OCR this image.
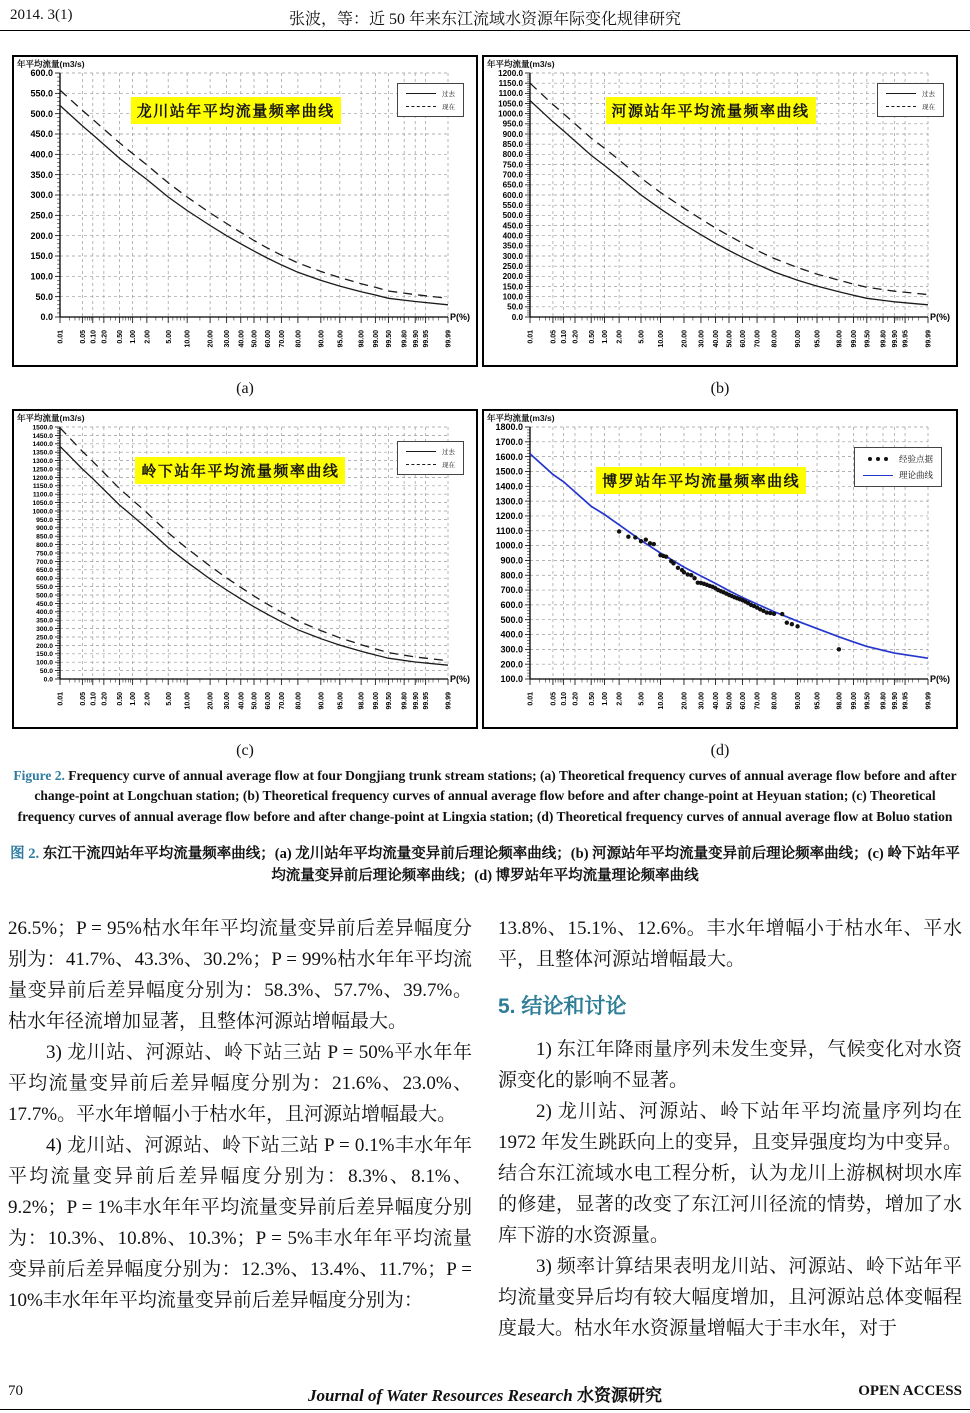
2014. 3(1)	张波，等：近 50 年来东江流域水资源年际变化规律研究
0.0
50.0
100.0
150.0
200.0
250.0
300.0
350.0
400.0
450.0
500.0
550.0
600.0
0.01 0.05 0.10 0.20 0.50 1.00 2.00 5.00 10.00 20.00 30.00 40.00 50.00 60.00 70.00 80.00 90.00 95.00 98.00 99.00 99.50 99.80 99.90 99.95 99.99
P(%)
年平均流量(m3/s)
龙川站年平均流量频率曲线
过去
现在
(a)
0.0
50.0
100.0
150.0
200.0
250.0
300.0
350.0
400.0
450.0
500.0
550.0
600.0
650.0
700.0
750.0
800.0
850.0
900.0
950.0
1000.0
1050.0
1100.0
1150.0
1200.0
0.01 0.05 0.10 0.20 0.50 1.00 2.00 5.00 10.00 20.00 30.00 40.00 50.00 60.00 70.00 80.00 90.00 95.00 98.00 99.00 99.50 99.80 99.90 99.95 99.99
P(%)
年平均流量(m3/s)
河源站年平均流量频率曲线
过去
现在
(b)
0.0
50.0
100.0
150.0
200.0
250.0
300.0
350.0
400.0
450.0
500.0
550.0
600.0
650.0
700.0
750.0
800.0
850.0
900.0
950.0
1000.0
1050.0
1100.0
1150.0
1200.0
1250.0
1300.0
1350.0
1400.0
1450.0
1500.0
0.01 0.05 0.10 0.20 0.50 1.00 2.00 5.00 10.00 20.00 30.00 40.00 50.00 60.00 70.00 80.00 90.00 95.00 98.00 99.00 99.50 99.80 99.90 99.95 99.99
P(%)
年平均流量(m3/s)
岭下站年平均流量频率曲线
过去
现在
(c)
100.0
200.0
300.0
400.0
500.0
600.0
700.0
800.0
900.0
1000.0
1100.0
1200.0
1300.0
1400.0
1500.0
1600.0
1700.0
1800.0
0.01 0.05 0.10 0.20 0.50 1.00 2.00 5.00 10.00 20.00 30.00 40.00 50.00 60.00 70.00 80.00 90.00 95.00 98.00 99.00 99.50 99.80 99.90 99.95 99.99
P(%)
年平均流量(m3/s)
博罗站年平均流量频率曲线
经验点据
理论曲线
(d)
Figure 2. Frequency curve of annual average flow at four Dongjiang trunk stream stations; (a) Theoretical frequency curves of annual average flow before and after change-point at Longchuan station; (b) Theoretical frequency curves of annual average flow before and after change-point at Heyuan station; (c) Theoretical frequency curves of annual average flow before and after change-point at Lingxia station; (d) Theoretical frequency curves of annual average flow at Boluo station
图 2. 东江干流四站年平均流量频率曲线；(a) 龙川站年平均流量变异前后理论频率曲线；(b) 河源站年平均流量变异前后理论频率曲线；(c) 岭下站年平均流量变异前后理论频率曲线；(d) 博罗站年平均流量理论频率曲线

26.5%；P = 95%枯水年年平均流量变异前后差异幅度分别为：41.7%、43.3%、30.2%；P = 99%枯水年年平均流量变异前后差异幅度分别为：58.3%、57.7%、39.7%。枯水年径流增加显著，且整体河源站增幅最大。

3) 龙川站、河源站、岭下站三站 P = 50%平水年年平均流量变异前后差异幅度分别为：21.6%、23.0%、17.7%。平水年增幅小于枯水年，且河源站增幅最大。

4) 龙川站、河源站、岭下站三站 P = 0.1%丰水年年平均流量变异前后差异幅度分别为：8.3%、8.1%、9.2%；P = 1%丰水年年平均流量变异前后差异幅度分别为：10.3%、10.8%、10.3%；P = 5%丰水年年平均流量变异前后差异幅度分别为：12.3%、13.4%、11.7%；P = 10%丰水年年平均流量变异前后差异幅度分别为：

13.8%、15.1%、12.6%。丰水年增幅小于枯水年、平水平，且整体河源站增幅最大。

5. 结论和讨论

1) 东江年降雨量序列未发生变异，气候变化对水资源变化的影响不显著。

2) 龙川站、河源站、岭下站年平均流量序列均在 1972 年发生跳跃向上的变异，且变异强度均为中变异。结合东江流域水电工程分析，认为龙川上游枫树坝水库的修建，显著的改变了东江河川径流的情势，增加了水库下游的水资源量。

3) 频率计算结果表明龙川站、河源站、岭下站年平均流量变异后均有较大幅度增加，且河源站总体变幅程度最大。枯水年水资源量增幅大于丰水年，对于

70	Journal of Water Resources Research 水资源研究	OPEN ACCESS
